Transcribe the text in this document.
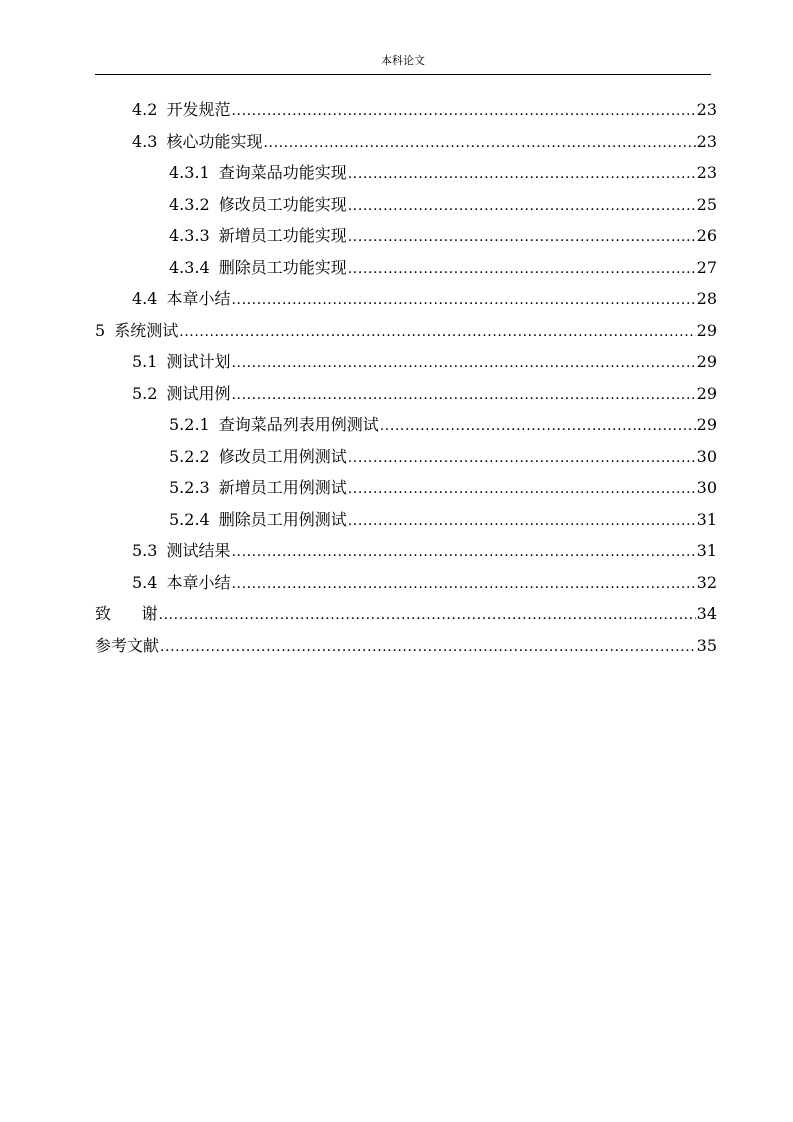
本科论文
4.2 开发规范 .....	23
4.3 核心功能实现 .....	23
4.3.1 查询菜品功能实现 .....	23
4.3.2 修改员工功能实现 .....	25
4.3.3 新增员工功能实现 .....	26
4.3.4 删除员工功能实现 .....	27
4.4 本章小结 .....	28
5 系统测试 .....	29
5.1 测试计划 .....	29
5.2 测试用例 .....	29
5.2.1 查询菜品列表用例测试 .....	29
5.2.2 修改员工用例测试 .....	30
5.2.3 新增员工用例测试 .....	30
5.2.4 删除员工用例测试 .....	31
5.3 测试结果 .....	31
5.4 本章小结 .....	32
致      谢 .....	34
参考文献 .....	35
